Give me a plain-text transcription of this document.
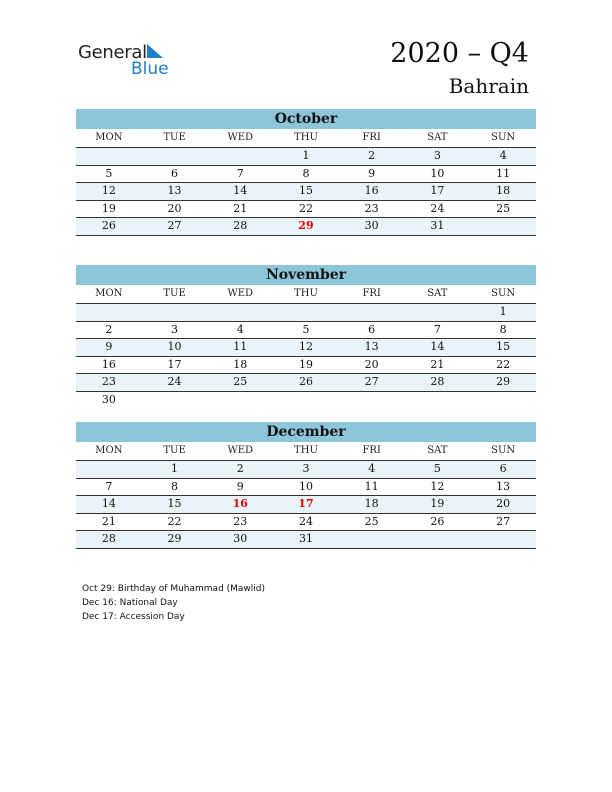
General
Blue	2020 – Q4
Bahrain
October
MON	TUE	WED	THU	FRI	SAT	SUN
			1	2	3	4
5	6	7	8	9	10	11
12	13	14	15	16	17	18
19	20	21	22	23	24	25
26	27	28	29	30	31	
November
MON	TUE	WED	THU	FRI	SAT	SUN
						1
2	3	4	5	6	7	8
9	10	11	12	13	14	15
16	17	18	19	20	21	22
23	24	25	26	27	28	29
30						
December
MON	TUE	WED	THU	FRI	SAT	SUN
	1	2	3	4	5	6
7	8	9	10	11	12	13
14	15	16	17	18	19	20
21	22	23	24	25	26	27
28	29	30	31			
Oct 29: Birthday of Muhammad (Mawlid)
Dec 16: National Day
Dec 17: Accession Day
